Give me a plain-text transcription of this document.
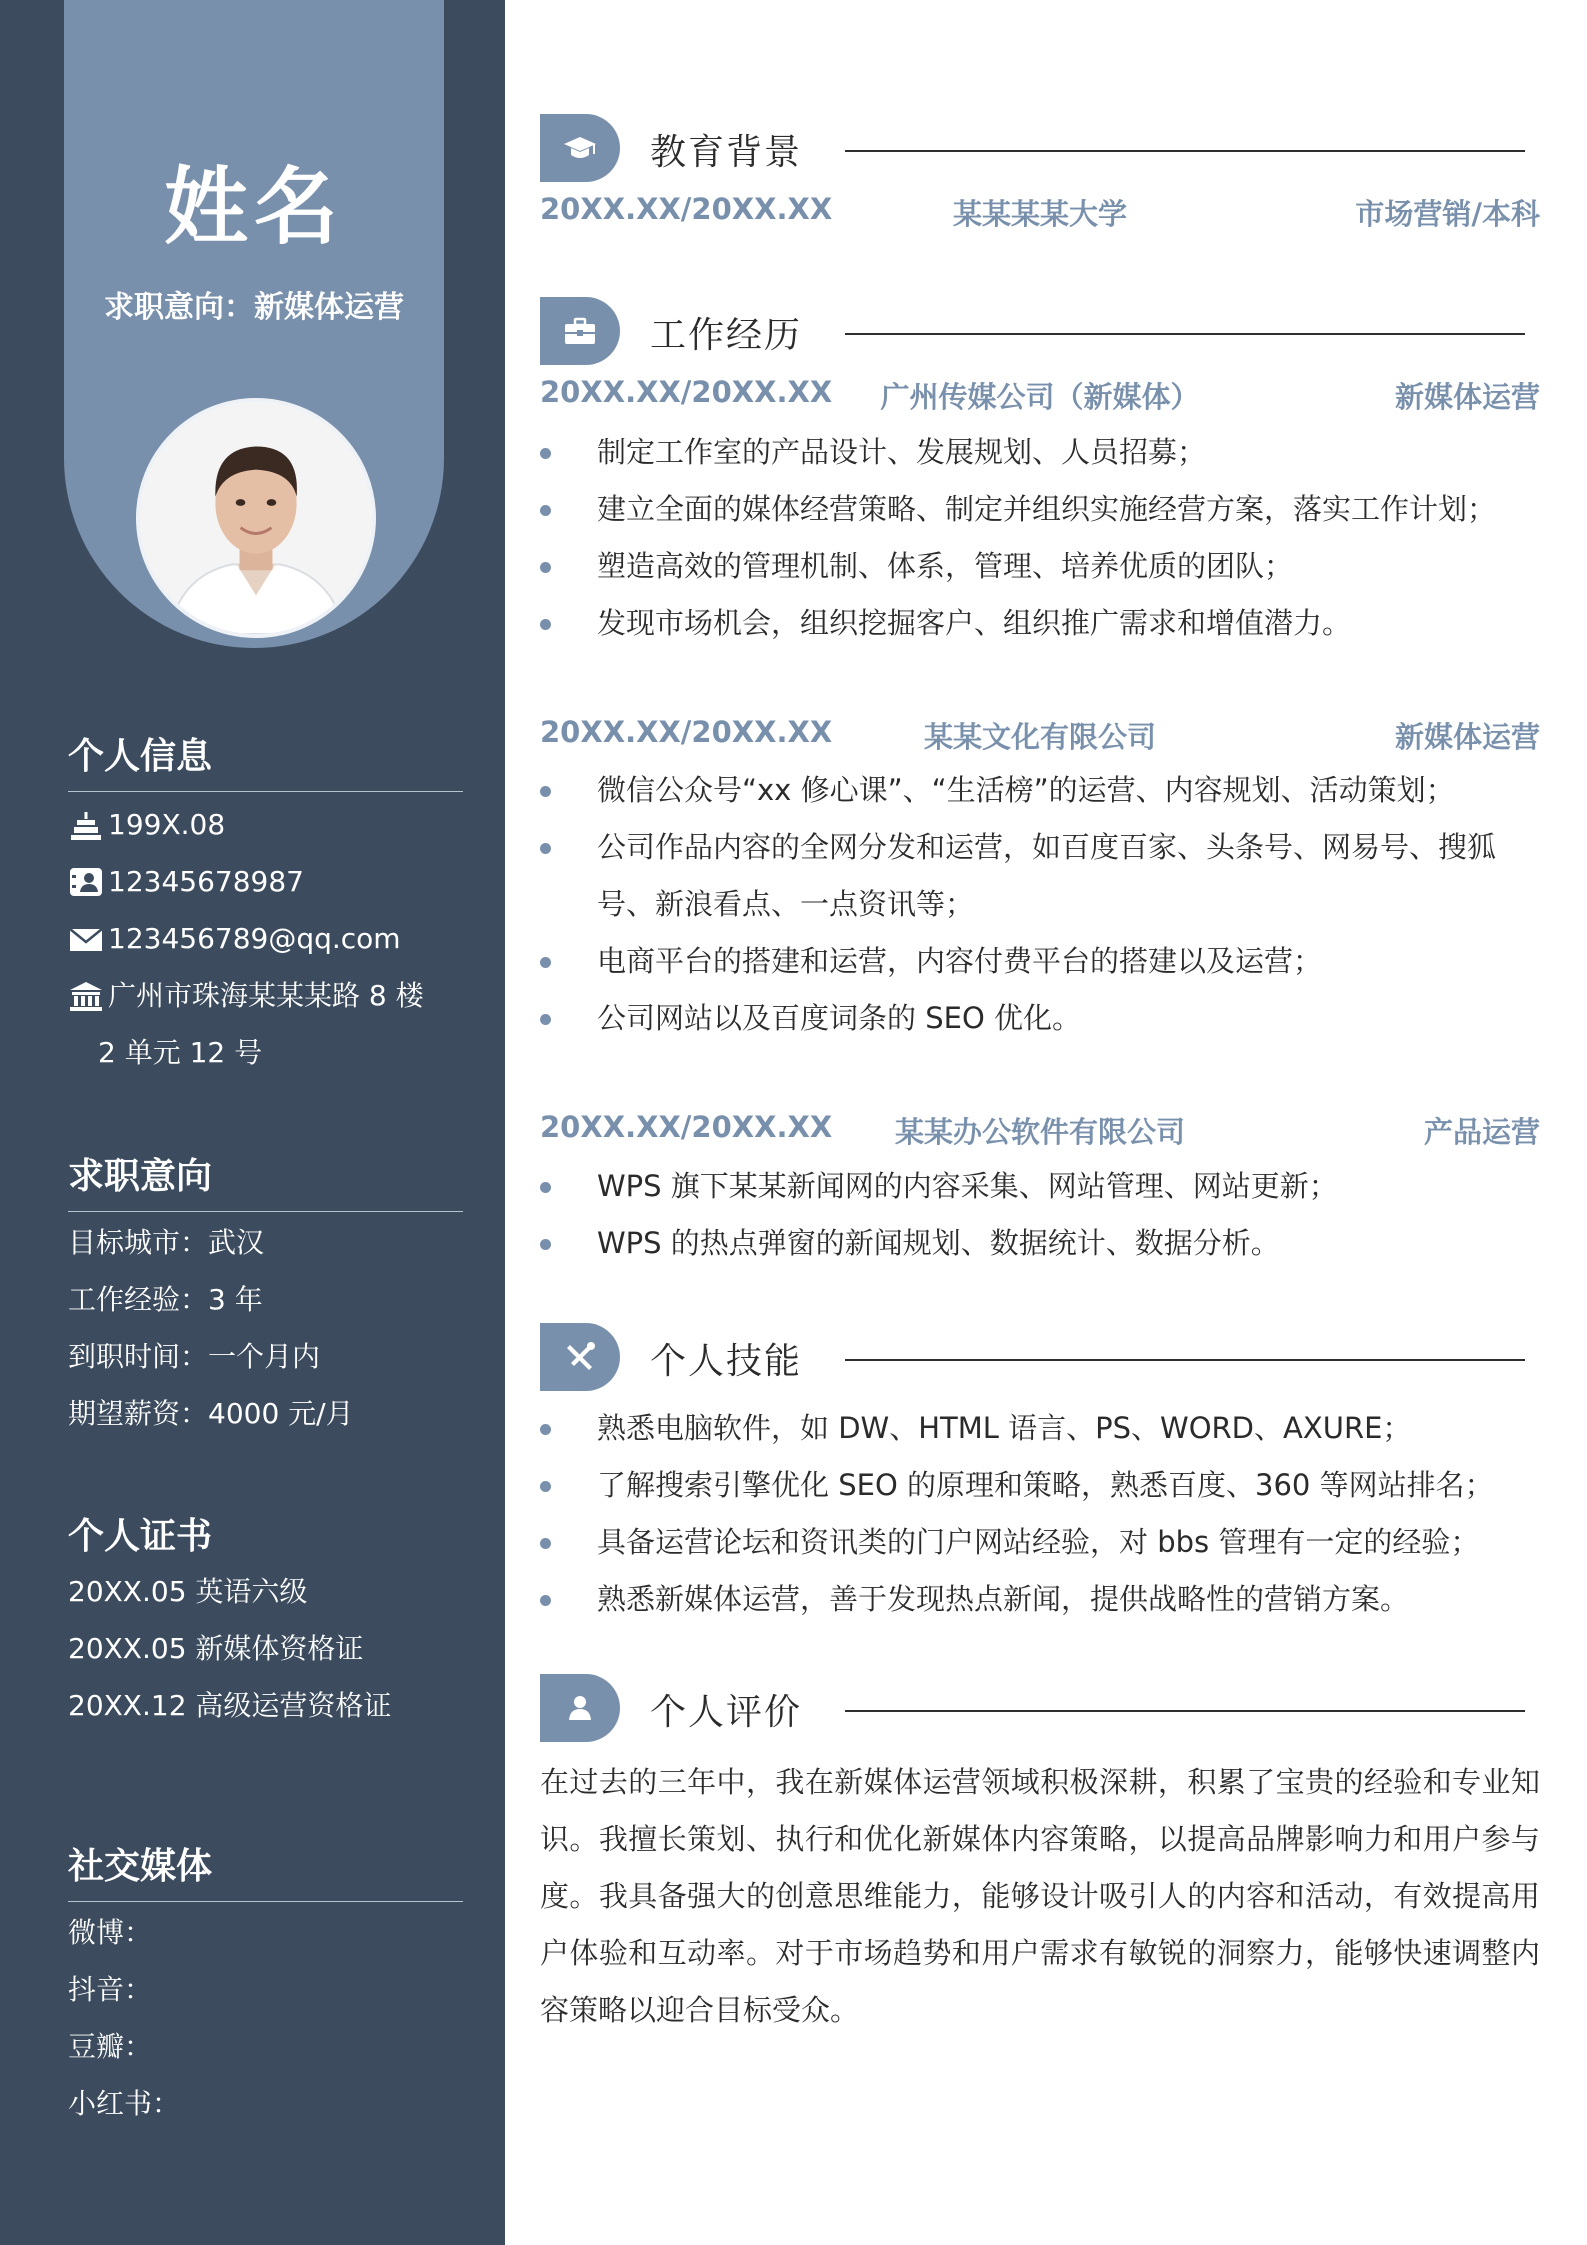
姓名
求职意向：新媒体运营
个人信息
199X.08
12345678987
123456789@qq.com
广州市珠海某某某路 8 楼
2 单元 12 号
求职意向
目标城市：武汉
工作经验：3 年
到职时间：一个月内
期望薪资：4000 元/月
个人证书
20XX.05 英语六级
20XX.05 新媒体资格证
20XX.12 高级运营资格证
社交媒体
微博：
抖音：
豆瓣：
小红书：
教育背景
20XX.XX/20XX.XX	某某某某大学	市场营销/本科
工作经历
20XX.XX/20XX.XX	广州传媒公司（新媒体）	新媒体运营
制定工作室的产品设计、发展规划、人员招募；
建立全面的媒体经营策略、制定并组织实施经营方案，落实工作计划；
塑造高效的管理机制、体系，管理、培养优质的团队；
发现市场机会，组织挖掘客户、组织推广需求和增值潜力。
20XX.XX/20XX.XX	某某文化有限公司	新媒体运营
微信公众号“xx 修心课”、“生活榜”的运营、内容规划、活动策划；
公司作品内容的全网分发和运营，如百度百家、头条号、网易号、搜狐号、新浪看点、一点资讯等；
电商平台的搭建和运营，内容付费平台的搭建以及运营；
公司网站以及百度词条的 SEO 优化。
20XX.XX/20XX.XX	某某办公软件有限公司	产品运营
WPS 旗下某某新闻网的内容采集、网站管理、网站更新；
WPS 的热点弹窗的新闻规划、数据统计、数据分析。
个人技能
熟悉电脑软件，如 DW、HTML 语言、PS、WORD、AXURE；
了解搜索引擎优化 SEO 的原理和策略，熟悉百度、360 等网站排名；
具备运营论坛和资讯类的门户网站经验，对 bbs 管理有一定的经验；
熟悉新媒体运营，善于发现热点新闻，提供战略性的营销方案。
个人评价
在过去的三年中，我在新媒体运营领域积极深耕，积累了宝贵的经验和专业知识。我擅长策划、执行和优化新媒体内容策略，以提高品牌影响力和用户参与度。我具备强大的创意思维能力，能够设计吸引人的内容和活动，有效提高用户体验和互动率。对于市场趋势和用户需求有敏锐的洞察力，能够快速调整内容策略以迎合目标受众。
